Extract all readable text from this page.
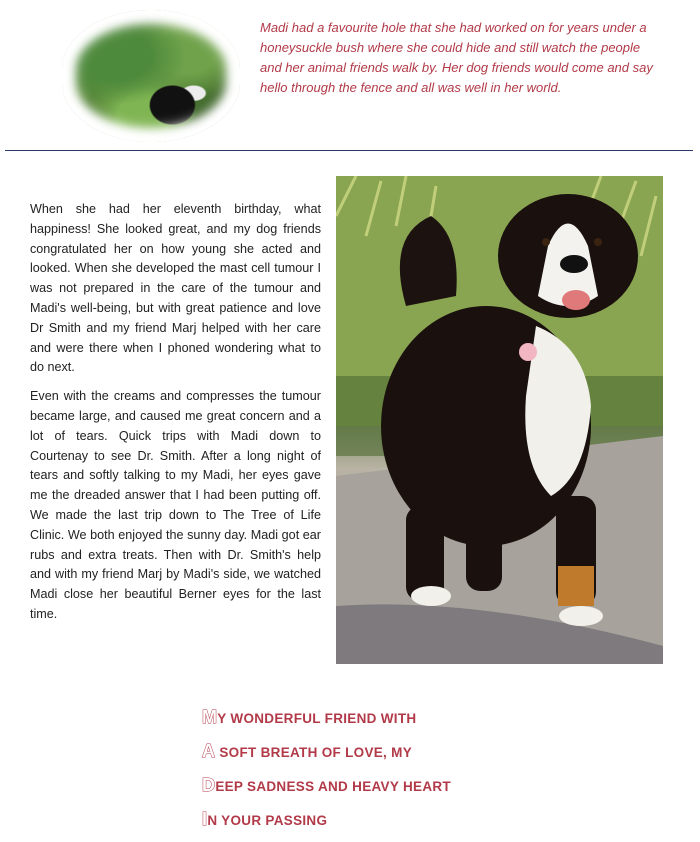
Madi had a favourite hole that she had worked on for years under a honeysuckle bush where she could hide and still watch the people and her animal friends walk by. Her dog friends would come and say hello through the fence and all was well in her world.

When she had her eleventh birthday, what happiness! She looked great, and my dog friends congratulated her on how young she acted and looked. When she developed the mast cell tumour I was not prepared in the care of the tumour and Madi's well-being, but with great patience and love Dr Smith and my friend Marj helped with her care and were there when I phoned wondering what to do next.

Even with the creams and compresses the tumour became large, and caused me great concern and a lot of tears. Quick trips with Madi down to Courtenay to see Dr. Smith. After a long night of tears and softly talking to my Madi, her eyes gave me the dreaded answer that I had been putting off. We made the last trip down to The Tree of Life Clinic. We both enjoyed the sunny day. Madi got ear rubs and extra treats. Then with Dr. Smith's help and with my friend Marj by Madi's side, we watched Madi close her beautiful Berner eyes for the last time.

MY WONDERFUL FRIEND WITH
A SOFT BREATH OF LOVE, MY
DEEP SADNESS AND HEAVY HEART
IN YOUR PASSING
